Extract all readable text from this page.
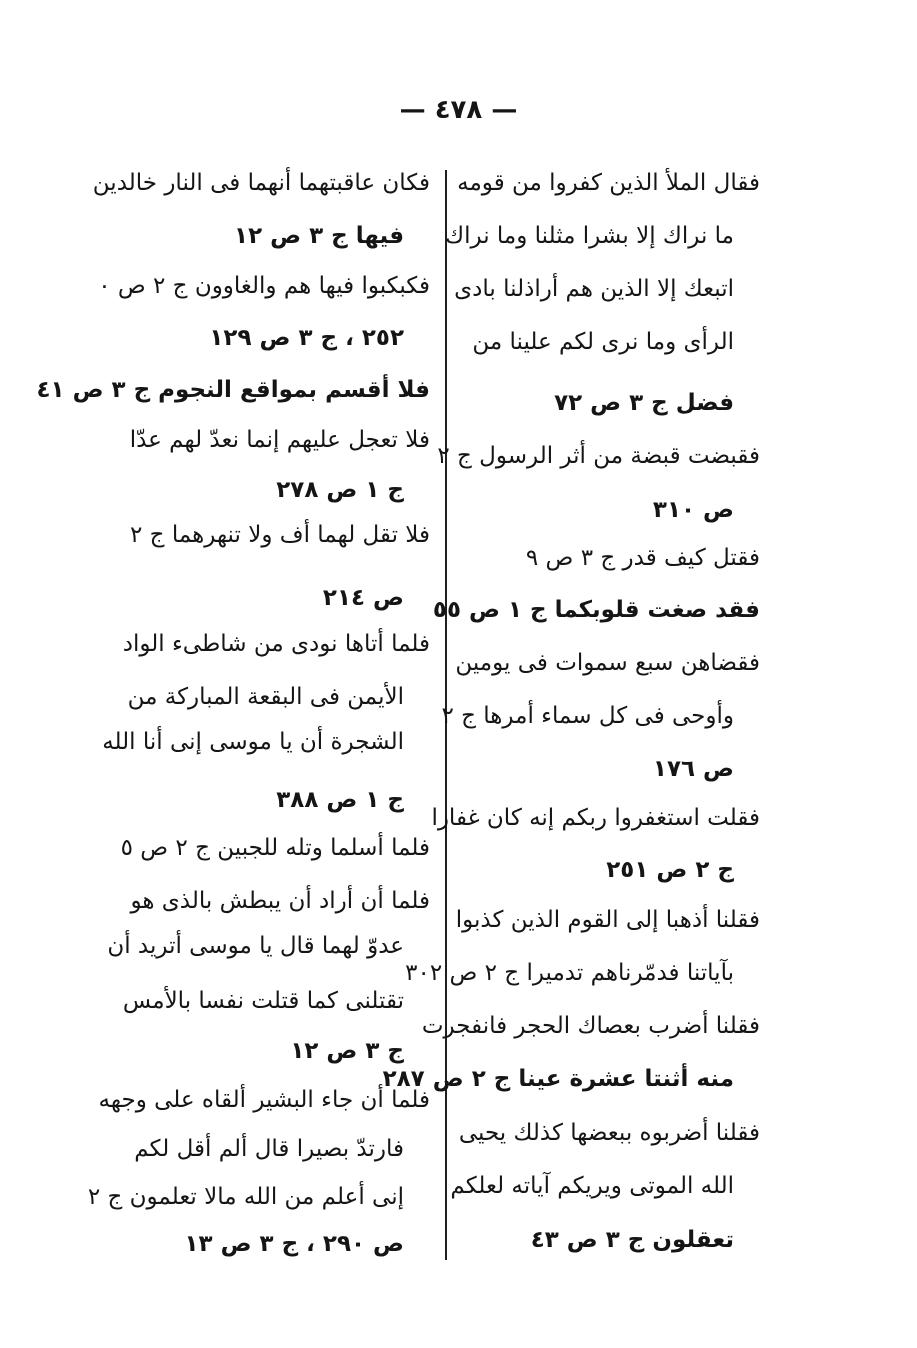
— ٤٧٨ —
فقال الملأ الذين كفروا من قومه
ما نراك إلا بشرا مثلنا وما نراك
اتبعك إلا الذين هم أراذلنا بادى
الرأى وما نرى لكم علينا من
فضل ج ٣ ص ٧٢
فقبضت قبضة من أثر الرسول ج ٢
ص ٣١٠
فقتل كيف قدر ج ٣ ص ٩
فقد صغت قلوبكما ج ١ ص ٥٥
فقضاهن سبع سموات فى يومين
وأوحى فى كل سماء أمرها ج ٢
ص ١٧٦
فقلت استغفروا ربكم إنه كان غفارا
ج ٢ ص ٢٥١
فقلنا أذهبا إلى القوم الذين كذبوا
بآياتنا فدمّرناهم تدميرا ج ٢ ص ٣٠٢
فقلنا أضرب بعصاك الحجر فانفجرت
منه أثنتا عشرة عينا ج ٢ ص ٢٨٧
فقلنا أضربوه ببعضها كذلك يحيى
الله الموتى ويريكم آياته لعلكم
تعقلون ج ٣ ص ٤٣
فكان عاقبتهما أنهما فى النار خالدين
فيها ج ٣ ص ١٢
فكبكبوا فيها هم والغاوون ج ٢ ص ٠
٢٥٢ ، ج ٣ ص ١٢٩
فلا أقسم بمواقع النجوم ج ٣ ص ٤١
فلا تعجل عليهم إنما نعدّ لهم عدّا
ج ١ ص ٢٧٨
فلا تقل لهما أف ولا تنهرهما ج ٢
ص ٢١٤
فلما أتاها نودى من شاطىء الواد
الأيمن فى البقعة المباركة من
الشجرة أن يا موسى إنى أنا الله
ج ١ ص ٣٨٨
فلما أسلما وتله للجبين ج ٢ ص ٥
فلما أن أراد أن يبطش بالذى هو
عدوّ لهما قال يا موسى أتريد أن
تقتلنى كما قتلت نفسا بالأمس
ج ٣ ص ١٢
فلما أن جاء البشير ألقاه على وجهه
فارتدّ بصيرا قال ألم أقل لكم
إنى أعلم من الله مالا تعلمون ج ٢
ص ٢٩٠ ، ج ٣ ص ١٣
